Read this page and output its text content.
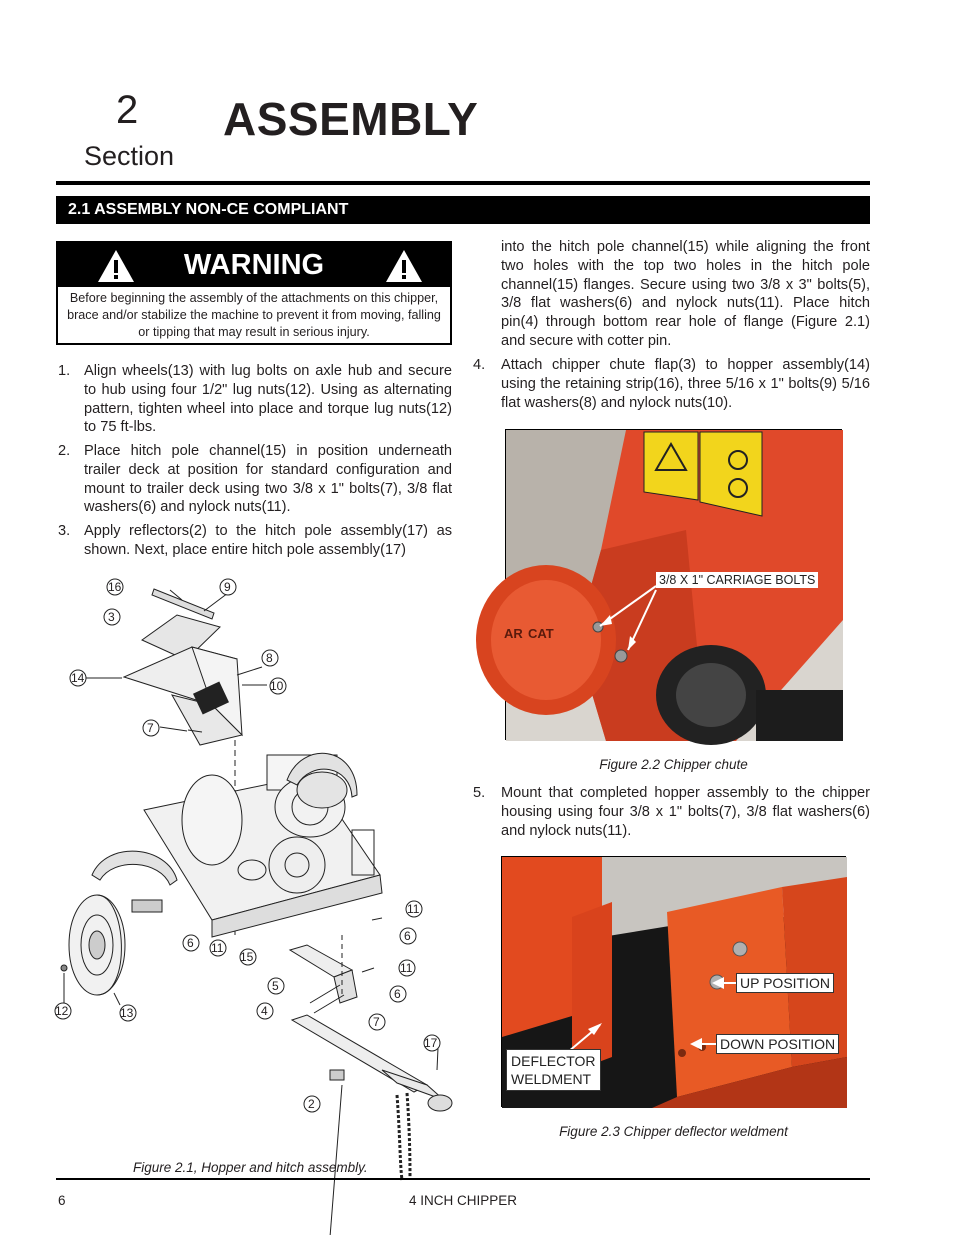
2
Section
ASSEMBLY
2.1 ASSEMBLY NON-CE COMPLIANT
WARNING
Before beginning the assembly of the attachments on this chipper, brace and/or stabilize the machine to prevent it from moving, falling or tipping that may result in serious injury.
1. Align wheels(13) with lug bolts on axle hub and secure to hub using four 1/2" lug nuts(12). Using as alternating pattern, tighten wheel into place and torque lug nuts(12) to 75 ft-lbs.
2. Place hitch pole channel(15) in position underneath trailer deck at position for standard configuration and mount to trailer deck using two 3/8 x 1" bolts(7), 3/8 flat washers(6) and nylock nuts(11).
3. Apply reflectors(2) to the hitch pole assembly(17) as shown. Next, place entire hitch pole assembly(17)
into the hitch pole channel(15) while aligning the front two holes with the top two holes in the hitch pole channel(15) flanges. Secure using two 3/8 x 3" bolts(5), 3/8 flat washers(6) and nylock nuts(11). Place hitch pin(4) through bottom rear hole of flange (Figure 2.1) and secure with cotter pin.
4. Attach chipper chute flap(3) to hopper assembly(14) using the retaining strip(16), three 5/16 x 1" bolts(9) 5/16 flat washers(8) and nylock nuts(10).
AR CAT
3/8 X 1" CARRIAGE BOLTS
Figure 2.2 Chipper chute
5. Mount that completed hopper assembly to the chipper housing using four 3/8 x 1" bolts(7), 3/8 flat washers(6) and nylock nuts(11).
UP POSITION
DOWN POSITION
DEFLECTOR
WELDMENT
Figure 2.3 Chipper deflector weldment
16	9
3
8
14
10
7
11
6
6 11
15
11
5
6
4
7
12	13
17
2
Figure 2.1, Hopper and hitch assembly.
6	4 INCH CHIPPER
